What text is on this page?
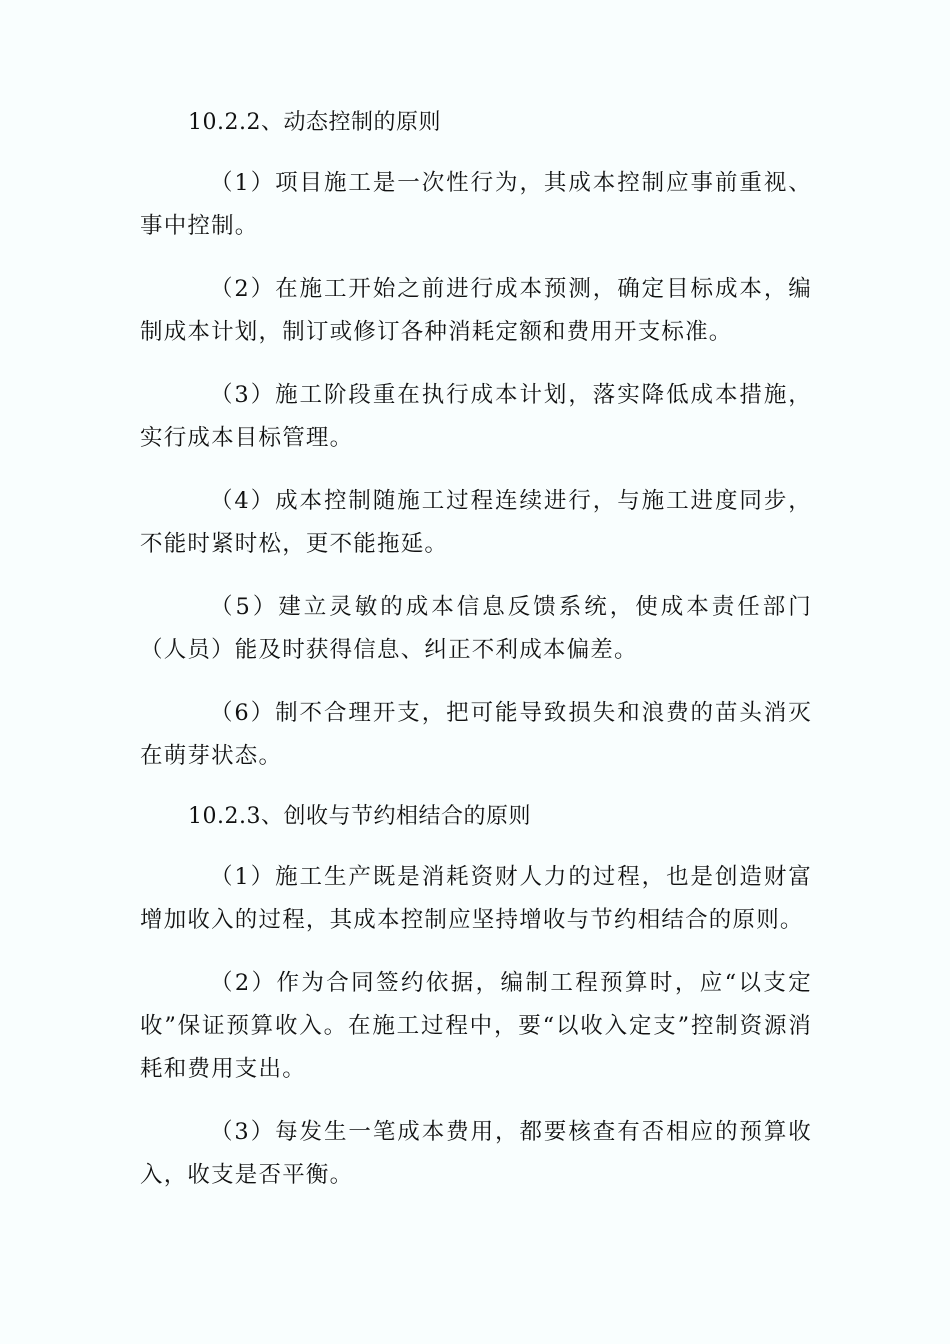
10.2.2、动态控制的原则

（1）项目施工是一次性行为，其成本控制应事前重视、事中控制。

（2）在施工开始之前进行成本预测，确定目标成本，编制成本计划，制订或修订各种消耗定额和费用开支标准。

（3）施工阶段重在执行成本计划，落实降低成本措施，实行成本目标管理。

（4）成本控制随施工过程连续进行，与施工进度同步，不能时紧时松，更不能拖延。

（5）建立灵敏的成本信息反馈系统，使成本责任部门（人员）能及时获得信息、纠正不利成本偏差。

（6）制不合理开支，把可能导致损失和浪费的苗头消灭在萌芽状态。

10.2.3、创收与节约相结合的原则

（1）施工生产既是消耗资财人力的过程，也是创造财富增加收入的过程，其成本控制应坚持增收与节约相结合的原则。

（2）作为合同签约依据，编制工程预算时，应“以支定收”保证预算收入。在施工过程中，要“以收入定支”控制资源消耗和费用支出。

（3）每发生一笔成本费用，都要核查有否相应的预算收入，收支是否平衡。
